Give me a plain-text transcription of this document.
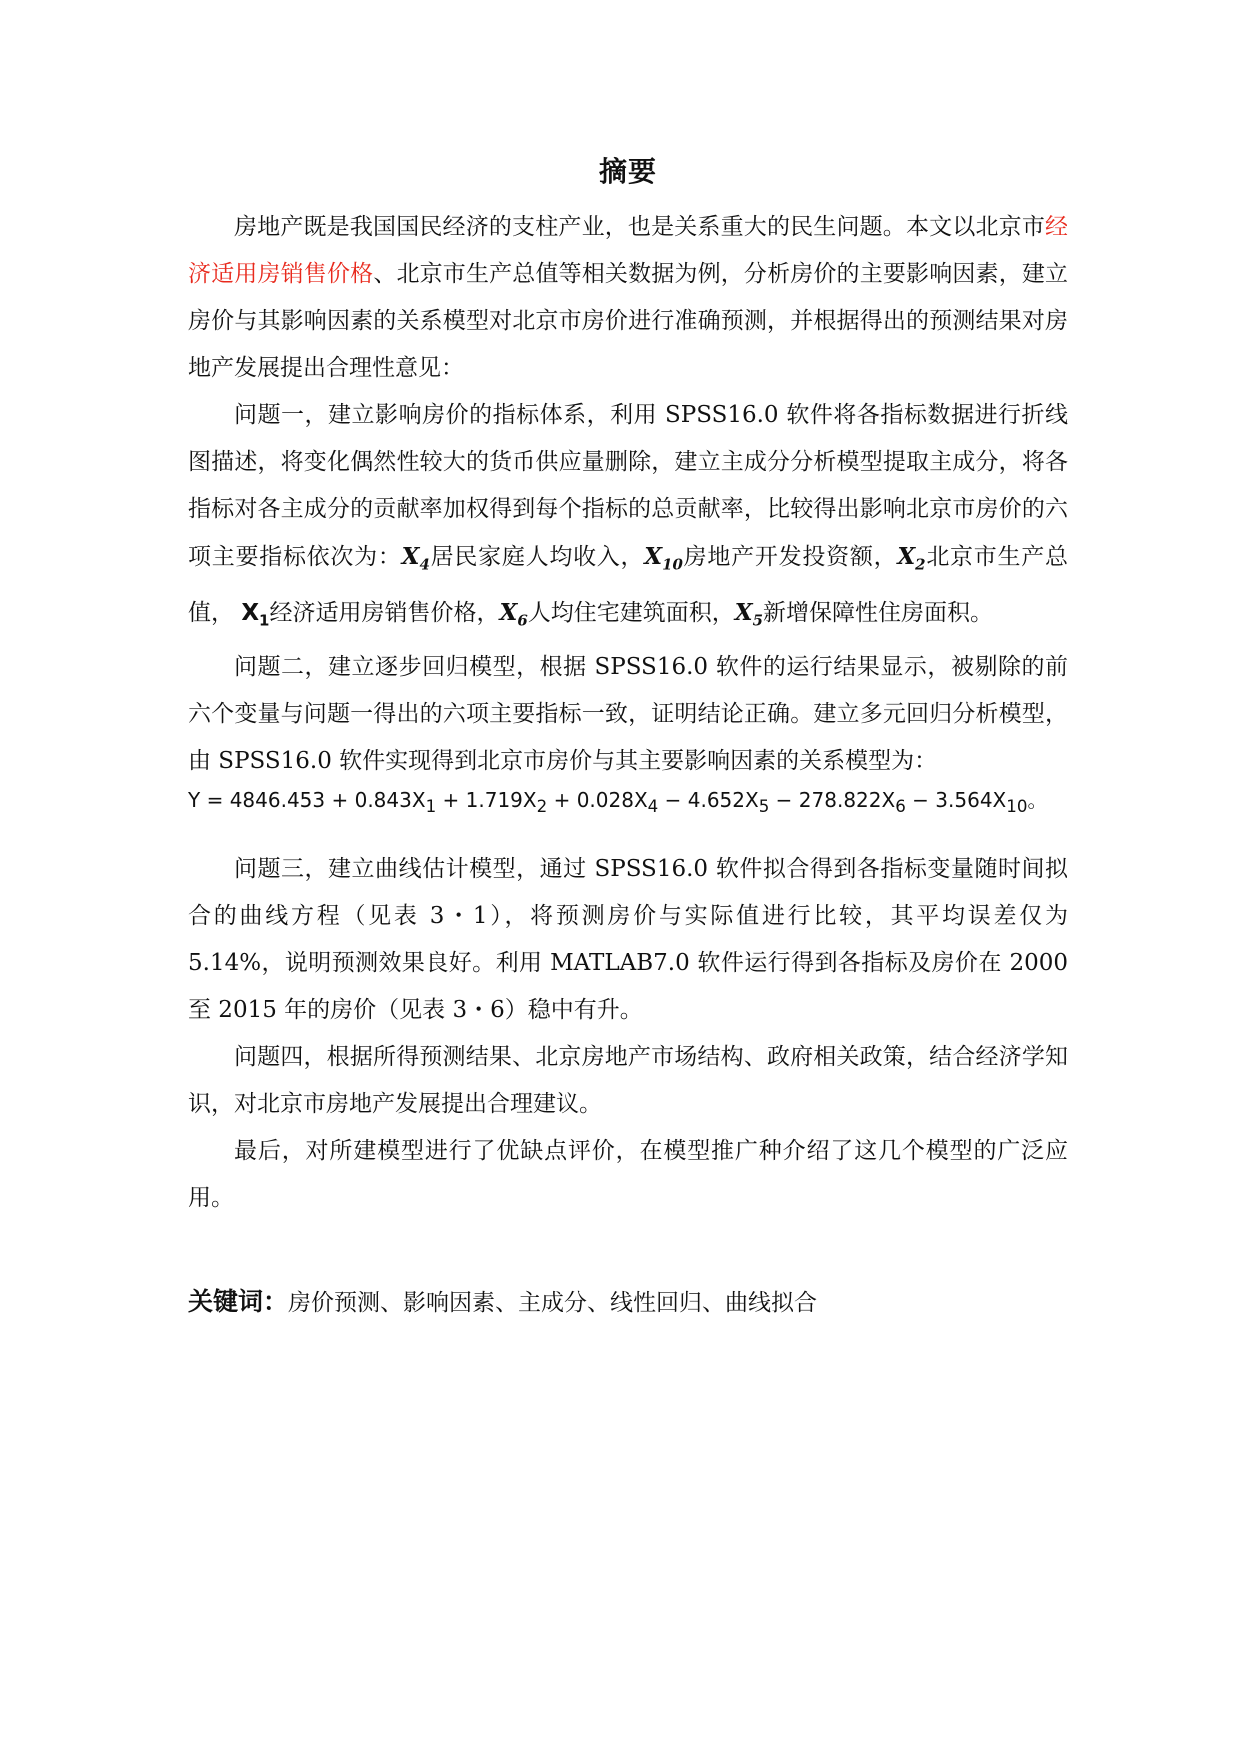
摘要

房地产既是我国国民经济的支柱产业，也是关系重大的民生问题。本文以北京市经济适用房销售价格、北京市生产总值等相关数据为例，分析房价的主要影响因素，建立房价与其影响因素的关系模型对北京市房价进行准确预测，并根据得出的预测结果对房地产发展提出合理性意见：

问题一，建立影响房价的指标体系，利用 SPSS16.0 软件将各指标数据进行折线图描述，将变化偶然性较大的货币供应量删除，建立主成分分析模型提取主成分，将各指标对各主成分的贡献率加权得到每个指标的总贡献率，比较得出影响北京市房价的六项主要指标依次为：$X_4$居民家庭人均收入，$X_{10}$房地产开发投资额，$X_2$北京市生产总值， $X_1$经济适用房销售价格，$X_6$人均住宅建筑面积，$X_5$新增保障性住房面积。

问题二，建立逐步回归模型，根据 SPSS16.0 软件的运行结果显示，被剔除的前六个变量与问题一得出的六项主要指标一致，证明结论正确。建立多元回归分析模型，由 SPSS16.0 软件实现得到北京市房价与其主要影响因素的关系模型为：

$Y = 4846.453 + 0.843X_1 + 1.719X_2 + 0.028X_4 - 4.652X_5 - 278.822X_6 - 3.564X_{10}$。

问题三，建立曲线估计模型，通过 SPSS16.0 软件拟合得到各指标变量随时间拟合的曲线方程（见表 3・1），将预测房价与实际值进行比较，其平均误差仅为 5.14%，说明预测效果良好。利用 MATLAB7.0 软件运行得到各指标及房价在 2000 至 2015 年的房价（见表 3・6）稳中有升。

问题四，根据所得预测结果、北京房地产市场结构、政府相关政策，结合经济学知识，对北京市房地产发展提出合理建议。

最后，对所建模型进行了优缺点评价，在模型推广种介绍了这几个模型的广泛应用。

关键词：房价预测、影响因素、主成分、线性回归、曲线拟合
